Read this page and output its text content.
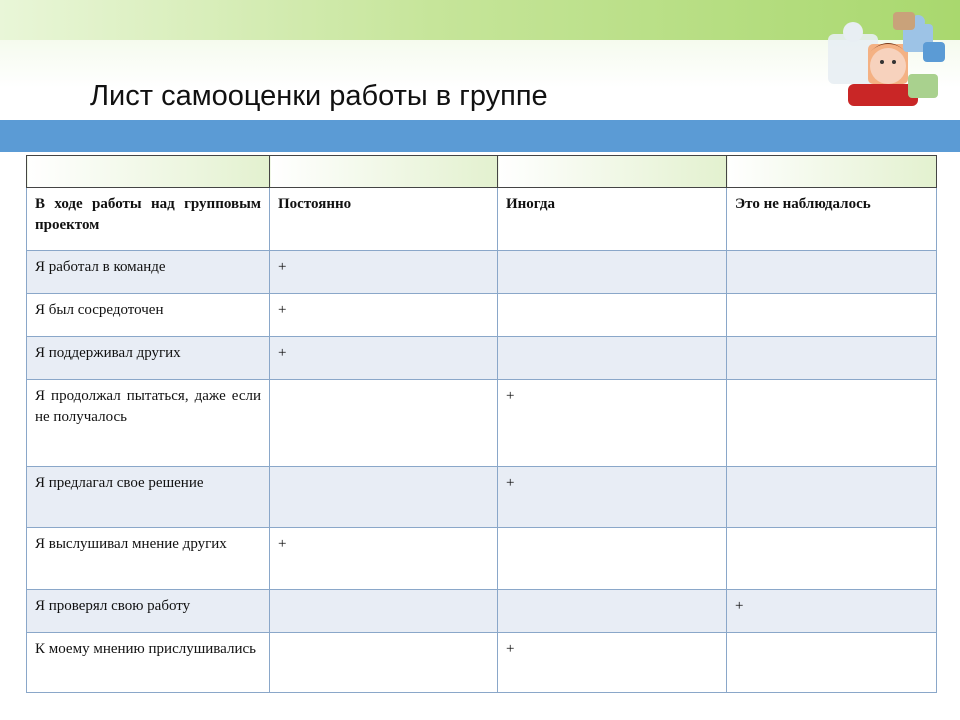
Лист самооценки работы в группе

В ходе работы над групповым проектом	Постоянно	Иногда	Это не наблюдалось
Я работал в команде	+		
Я был сосредоточен	+		
Я поддерживал других	+		
Я продолжал пытаться, даже если не получалось		+	
Я предлагал свое решение		+	
Я выслушивал мнение других	+		
Я проверял свою работу			+
К моему мнению прислушивались		+	
